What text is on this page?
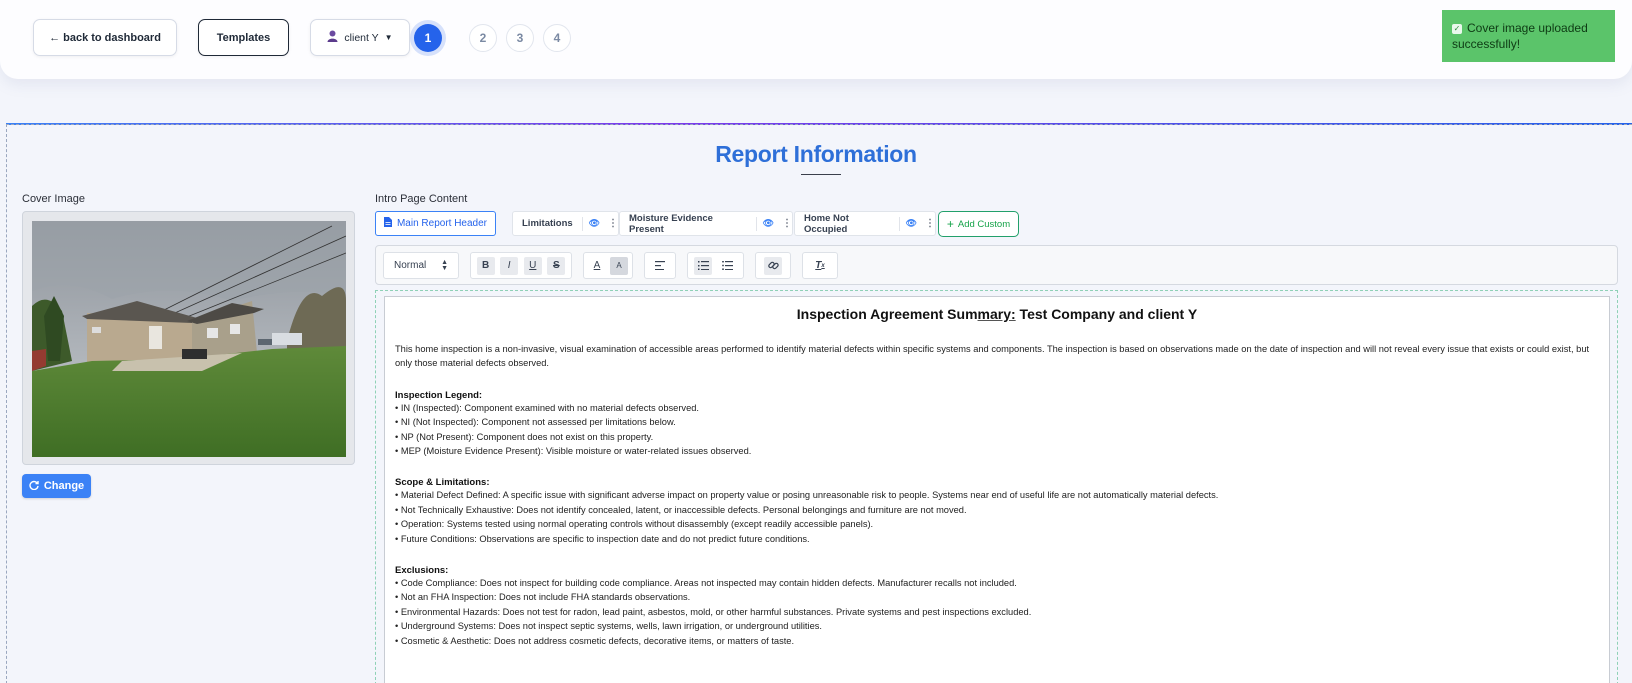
← back to dashboard	Templates	client Y ▼	1	2	3	4
✓ Cover image uploaded successfully!
Report Information
Cover Image
Change
Intro Page Content
Main Report Header	Limitations 👁 ⋮ Moisture Evidence Present
👁 ⋮ Home Not Occupied
👁 ⋮ + Add Custom
Normal ▲
▼	B	I	U	S	A	A	T x
Inspection Agreement Summary: Test Company and client Y
This home inspection is a non-invasive, visual examination of accessible areas performed to identify material defects within specific systems and components. The inspection is based on observations made on the date of inspection and will not reveal every issue that exists or could exist, but only those material defects observed.
Inspection Legend:
• IN (Inspected): Component examined with no material defects observed.
• NI (Not Inspected): Component not assessed per limitations below.
• NP (Not Present): Component does not exist on this property.
• MEP (Moisture Evidence Present): Visible moisture or water-related issues observed.
Scope & Limitations:
• Material Defect Defined: A specific issue with significant adverse impact on property value or posing unreasonable risk to people. Systems near end of useful life are not automatically material defects.
• Not Technically Exhaustive: Does not identify concealed, latent, or inaccessible defects. Personal belongings and furniture are not moved.
• Operation: Systems tested using normal operating controls without disassembly (except readily accessible panels).
• Future Conditions: Observations are specific to inspection date and do not predict future conditions.
Exclusions:
• Code Compliance: Does not inspect for building code compliance. Areas not inspected may contain hidden defects. Manufacturer recalls not included.
• Not an FHA Inspection: Does not include FHA standards observations.
• Environmental Hazards: Does not test for radon, lead paint, asbestos, mold, or other harmful substances. Private systems and pest inspections excluded.
• Underground Systems: Does not inspect septic systems, wells, lawn irrigation, or underground utilities.
• Cosmetic & Aesthetic: Does not address cosmetic defects, decorative items, or matters of taste.
